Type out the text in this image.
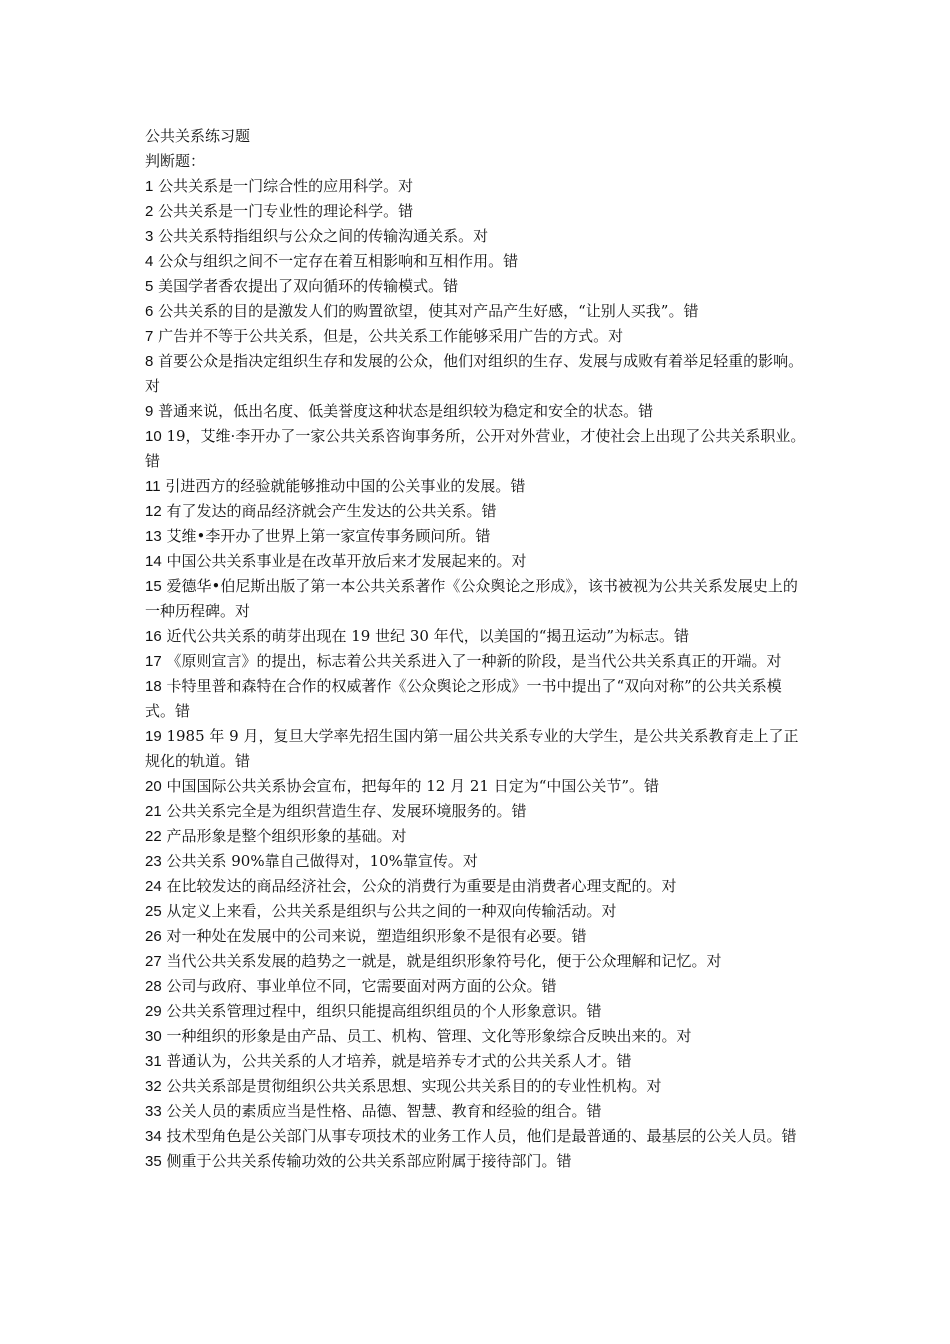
公共关系练习题
判断题：
1 公共关系是一门综合性的应用科学。对
2 公共关系是一门专业性的理论科学。错
3 公共关系特指组织与公众之间的传输沟通关系。对
4 公众与组织之间不一定存在着互相影响和互相作用。错
5 美国学者香农提出了双向循环的传输模式。错
6 公共关系的目的是激发人们的购置欲望，使其对产品产生好感，“让别人买我”。错
7 广告并不等于公共关系，但是，公共关系工作能够采用广告的方式。对
8 首要公众是指决定组织生存和发展的公众，他们对组织的生存、发展与成败有着举足轻重的影响。对
9 普通来说，低出名度、低美誉度这种状态是组织较为稳定和安全的状态。错
10 19，艾维·李开办了一家公共关系咨询事务所，公开对外营业，才使社会上出现了公共关系职业。错
11 引进西方的经验就能够推动中国的公关事业的发展。错
12 有了发达的商品经济就会产生发达的公共关系。错
13 艾维•李开办了世界上第一家宣传事务顾问所。错
14 中国公共关系事业是在改革开放后来才发展起来的。对
15 爱德华•伯尼斯出版了第一本公共关系著作《公众舆论之形成》，该书被视为公共关系发展史上的一种历程碑。对
16 近代公共关系的萌芽出现在 19 世纪 30 年代，以美国的“揭丑运动”为标志。错
17 《原则宣言》的提出，标志着公共关系进入了一种新的阶段，是当代公共关系真正的开端。对
18 卡特里普和森特在合作的权威著作《公众舆论之形成》一书中提出了“双向对称”的公共关系模式。错
19 1985 年 9 月，复旦大学率先招生国内第一届公共关系专业的大学生，是公共关系教育走上了正规化的轨道。错
20 中国国际公共关系协会宣布，把每年的 12 月 21 日定为“中国公关节”。错
21 公共关系完全是为组织营造生存、发展环境服务的。错
22 产品形象是整个组织形象的基础。对
23 公共关系 90%靠自己做得对，10%靠宣传。对
24 在比较发达的商品经济社会，公众的消费行为重要是由消费者心理支配的。对
25 从定义上来看，公共关系是组织与公共之间的一种双向传输活动。对
26 对一种处在发展中的公司来说，塑造组织形象不是很有必要。错
27 当代公共关系发展的趋势之一就是，就是组织形象符号化，便于公众理解和记忆。对
28 公司与政府、事业单位不同，它需要面对两方面的公众。错
29 公共关系管理过程中，组织只能提高组织组员的个人形象意识。错
30 一种组织的形象是由产品、员工、机构、管理、文化等形象综合反映出来的。对
31 普通认为，公共关系的人才培养，就是培养专才式的公共关系人才。错
32 公共关系部是贯彻组织公共关系思想、实现公共关系目的的专业性机构。对
33 公关人员的素质应当是性格、品德、智慧、教育和经验的组合。错
34 技术型角色是公关部门从事专项技术的业务工作人员，他们是最普通的、最基层的公关人员。错
35 侧重于公共关系传输功效的公共关系部应附属于接待部门。错
